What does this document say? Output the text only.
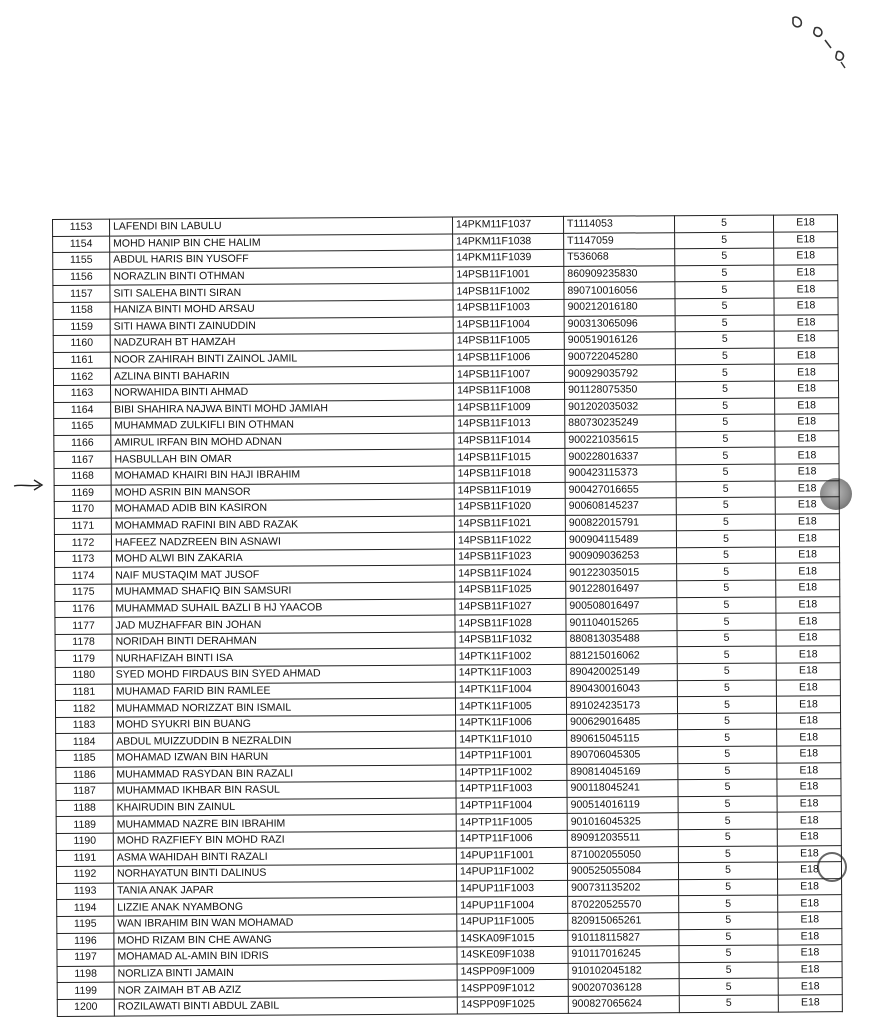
1153	LAFENDI BIN LABULU	14PKM11F1037	T1114053	5	E18
1154	MOHD HANIP BIN CHE HALIM	14PKM11F1038	T1147059	5	E18
1155	ABDUL HARIS BIN YUSOFF	14PKM11F1039	T536068	5	E18
1156	NORAZLIN BINTI OTHMAN	14PSB11F1001	860909235830	5	E18
1157	SITI SALEHA BINTI SIRAN	14PSB11F1002	890710016056	5	E18
1158	HANIZA BINTI MOHD ARSAU	14PSB11F1003	900212016180	5	E18
1159	SITI HAWA BINTI ZAINUDDIN	14PSB11F1004	900313065096	5	E18
1160	NADZURAH BT HAMZAH	14PSB11F1005	900519016126	5	E18
1161	NOOR ZAHIRAH BINTI ZAINOL JAMIL	14PSB11F1006	900722045280	5	E18
1162	AZLINA BINTI BAHARIN	14PSB11F1007	900929035792	5	E18
1163	NORWAHIDA BINTI AHMAD	14PSB11F1008	901128075350	5	E18
1164	BIBI SHAHIRA NAJWA BINTI MOHD JAMIAH	14PSB11F1009	901202035032	5	E18
1165	MUHAMMAD ZULKIFLI BIN OTHMAN	14PSB11F1013	880730235249	5	E18
1166	AMIRUL IRFAN BIN MOHD ADNAN	14PSB11F1014	900221035615	5	E18
1167	HASBULLAH BIN OMAR	14PSB11F1015	900228016337	5	E18
1168	MOHAMAD KHAIRI BIN HAJI IBRAHIM	14PSB11F1018	900423115373	5	E18
1169	MOHD ASRIN BIN MANSOR	14PSB11F1019	900427016655	5	E18
1170	MOHAMAD ADIB BIN KASIRON	14PSB11F1020	900608145237	5	E18
1171	MOHAMMAD RAFINI BIN ABD RAZAK	14PSB11F1021	900822015791	5	E18
1172	HAFEEZ NADZREEN BIN ASNAWI	14PSB11F1022	900904115489	5	E18
1173	MOHD ALWI BIN ZAKARIA	14PSB11F1023	900909036253	5	E18
1174	NAIF MUSTAQIM MAT JUSOF	14PSB11F1024	901223035015	5	E18
1175	MUHAMMAD SHAFIQ BIN SAMSURI	14PSB11F1025	901228016497	5	E18
1176	MUHAMMAD SUHAIL BAZLI B HJ YAACOB	14PSB11F1027	900508016497	5	E18
1177	JAD MUZHAFFAR BIN JOHAN	14PSB11F1028	901104015265	5	E18
1178	NORIDAH BINTI DERAHMAN	14PSB11F1032	880813035488	5	E18
1179	NURHAFIZAH BINTI ISA	14PTK11F1002	881215016062	5	E18
1180	SYED MOHD FIRDAUS BIN SYED AHMAD	14PTK11F1003	890420025149	5	E18
1181	MUHAMAD FARID BIN RAMLEE	14PTK11F1004	890430016043	5	E18
1182	MUHAMMAD NORIZZAT BIN ISMAIL	14PTK11F1005	891024235173	5	E18
1183	MOHD SYUKRI BIN BUANG	14PTK11F1006	900629016485	5	E18
1184	ABDUL MUIZZUDDIN B NEZRALDIN	14PTK11F1010	890615045115	5	E18
1185	MOHAMAD IZWAN BIN HARUN	14PTP11F1001	890706045305	5	E18
1186	MUHAMMAD RASYDAN BIN RAZALI	14PTP11F1002	890814045169	5	E18
1187	MUHAMMAD IKHBAR BIN RASUL	14PTP11F1003	900118045241	5	E18
1188	KHAIRUDIN BIN ZAINUL	14PTP11F1004	900514016119	5	E18
1189	MUHAMMAD NAZRE BIN IBRAHIM	14PTP11F1005	901016045325	5	E18
1190	MOHD RAZFIEFY BIN MOHD RAZI	14PTP11F1006	890912035511	5	E18
1191	ASMA WAHIDAH BINTI RAZALI	14PUP11F1001	871002055050	5	E18
1192	NORHAYATUN BINTI DALINUS	14PUP11F1002	900525055084	5	E18
1193	TANIA ANAK JAPAR	14PUP11F1003	900731135202	5	E18
1194	LIZZIE ANAK NYAMBONG	14PUP11F1004	870220525570	5	E18
1195	WAN IBRAHIM BIN WAN MOHAMAD	14PUP11F1005	820915065261	5	E18
1196	MOHD RIZAM BIN CHE AWANG	14SKA09F1015	910118115827	5	E18
1197	MOHAMAD AL-AMIN BIN IDRIS	14SKE09F1038	910117016245	5	E18
1198	NORLIZA BINTI JAMAIN	14SPP09F1009	910102045182	5	E18
1199	NOR ZAIMAH BT AB AZIZ	14SPP09F1012	900207036128	5	E18
1200	ROZILAWATI BINTI ABDUL ZABIL	14SPP09F1025	900827065624	5	E18
